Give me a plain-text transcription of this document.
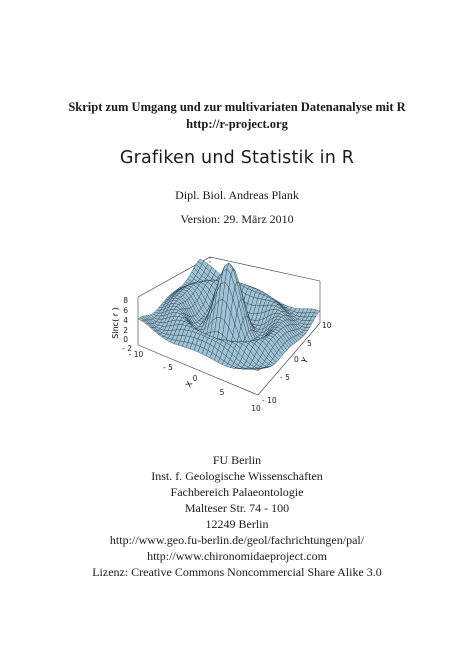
Skript zum Umgang und zur multivariaten Datenanalyse mit R
http://r-project.org
Grafiken und Statistik in R
Dipl. Biol. Andreas Plank
Version: 29. März 2010
Sinc( r )
8
6
4
2
0
- 2
- 10
- 5
0
5
10
10
5
0
- 5
- 10
X
Y
FU Berlin
Inst. f. Geologische Wissenschaften
Fachbereich Palaeontologie
Malteser Str. 74 - 100
12249 Berlin
http://www.geo.fu-berlin.de/geol/fachrichtungen/pal/
http://www.chironomidaeproject.com
Lizenz: Creative Commons Noncommercial Share Alike 3.0
